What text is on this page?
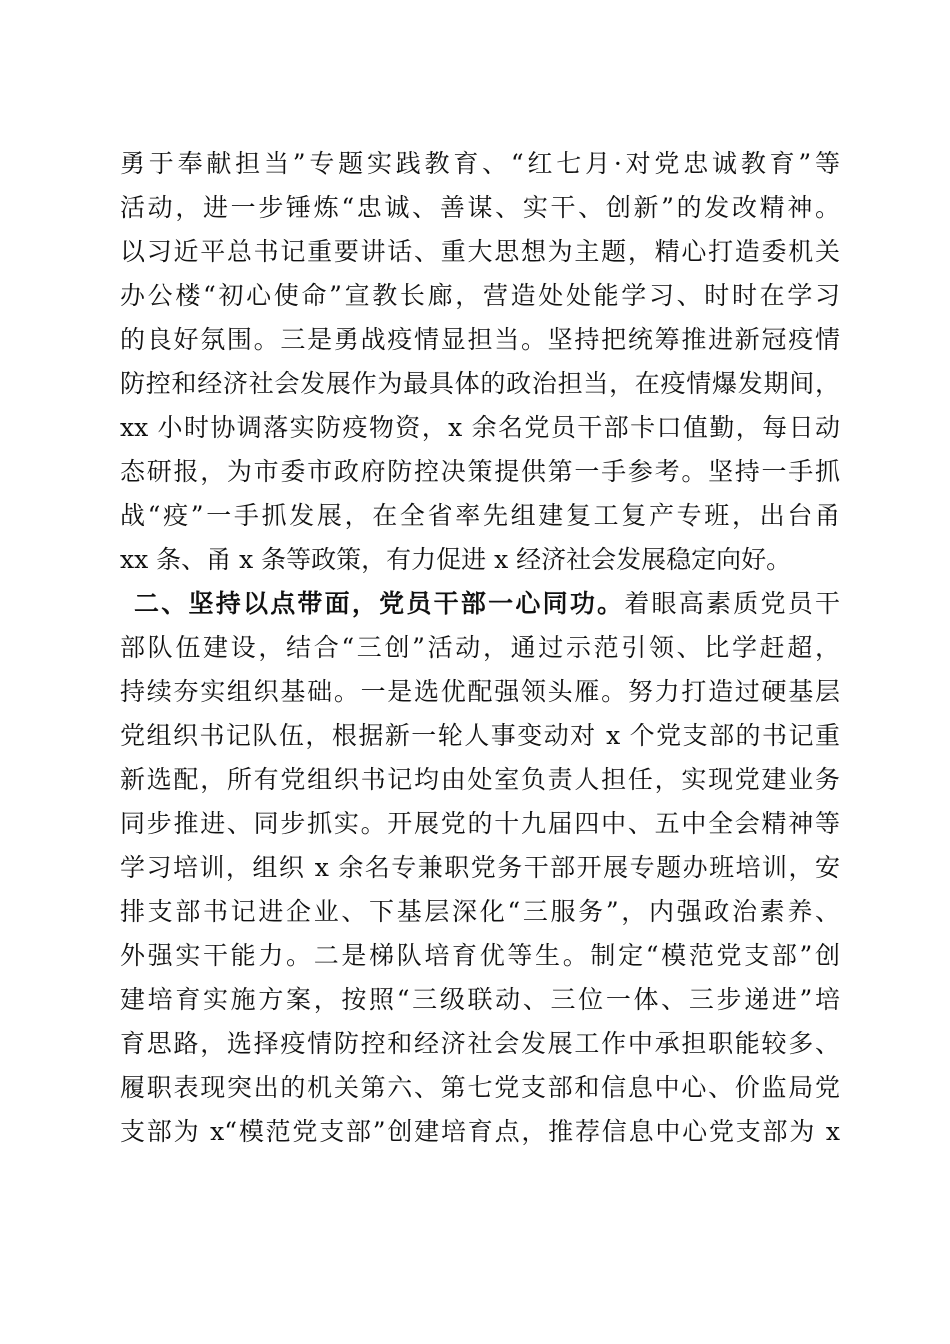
勇于奉献担当”专题实践教育、“红七月·对党忠诚教育”等
活动，进一步锤炼“忠诚、善谋、实干、创新”的发改精神。
以习近平总书记重要讲话、重大思想为主题，精心打造委机关
办公楼“初心使命”宣教长廊，营造处处能学习、时时在学习
的良好氛围。三是勇战疫情显担当。坚持把统筹推进新冠疫情
防控和经济社会发展作为最具体的政治担当，在疫情爆发期间，
xx 小时协调落实防疫物资，x 余名党员干部卡口值勤，每日动
态研报，为市委市政府防控决策提供第一手参考。坚持一手抓
战“疫”一手抓发展，在全省率先组建复工复产专班，出台甬
xx 条、甬 x 条等政策，有力促进 x 经济社会发展稳定向好。
二、坚持以点带面，党员干部一心同功。着眼高素质党员干
部队伍建设，结合“三创”活动，通过示范引领、比学赶超，
持续夯实组织基础。一是选优配强领头雁。努力打造过硬基层
党组织书记队伍，根据新一轮人事变动对 x 个党支部的书记重
新选配，所有党组织书记均由处室负责人担任，实现党建业务
同步推进、同步抓实。开展党的十九届四中、五中全会精神等
学习培训，组织 x 余名专兼职党务干部开展专题办班培训，安
排支部书记进企业、下基层深化“三服务”，内强政治素养、
外强实干能力。二是梯队培育优等生。制定“模范党支部”创
建培育实施方案，按照“三级联动、三位一体、三步递进”培
育思路，选择疫情防控和经济社会发展工作中承担职能较多、
履职表现突出的机关第六、第七党支部和信息中心、价监局党
支部为 x“模范党支部”创建培育点，推荐信息中心党支部为 x
